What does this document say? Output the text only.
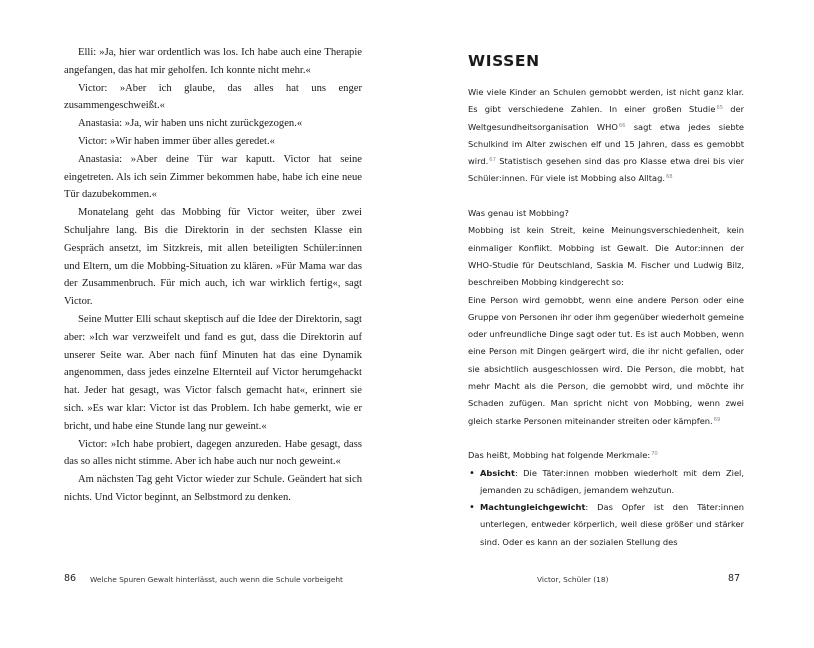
Elli: »Ja, hier war ordentlich was los. Ich habe auch eine Therapie angefangen, das hat mir geholfen. Ich konnte nicht mehr.«

Victor: »Aber ich glaube, das alles hat uns enger zusammengeschweißt.«

Anastasia: »Ja, wir haben uns nicht zurückgezogen.«

Victor: »Wir haben immer über alles geredet.«

Anastasia: »Aber deine Tür war kaputt. Victor hat seine eingetreten. Als ich sein Zimmer bekommen habe, habe ich eine neue Tür dazubekommen.«

Monatelang geht das Mobbing für Victor weiter, über zwei Schuljahre lang. Bis die Direktorin in der sechsten Klasse ein Gespräch ansetzt, im Sitzkreis, mit allen beteiligten Schüler:innen und Eltern, um die Mobbing-Situation zu klären. »Für Mama war das der Zusammenbruch. Für mich auch, ich war wirklich fertig«, sagt Victor.

Seine Mutter Elli schaut skeptisch auf die Idee der Direktorin, sagt aber: »Ich war verzweifelt und fand es gut, dass die Direktorin auf unserer Seite war. Aber nach fünf Minuten hat das eine Dynamik angenommen, dass jedes einzelne Elternteil auf Victor herumgehackt hat. Jeder hat gesagt, was Victor falsch gemacht hat«, erinnert sie sich. »Es war klar: Victor ist das Problem. Ich habe gemerkt, wie er bricht, und habe eine Stunde lang nur geweint.«

Victor: »Ich habe probiert, dagegen anzureden. Habe gesagt, dass das so alles nicht stimme. Aber ich habe auch nur noch geweint.«

Am nächsten Tag geht Victor wieder zur Schule. Geändert hat sich nichts. Und Victor beginnt, an Selbstmord zu denken.

86 Welche Spuren Gewalt hinterlässt, auch wenn die Schule vorbeigeht
WISSEN

Wie viele Kinder an Schulen gemobbt werden, ist nicht ganz klar. Es gibt verschiedene Zahlen. In einer großen Studie$^{65}$ der Weltgesundheitsorganisation WHO$^{66}$ sagt etwa jedes siebte Schulkind im Alter zwischen elf und 15 Jahren, dass es gemobbt wird.$^{67}$ Statistisch gesehen sind das pro Klasse etwa drei bis vier Schüler:innen. Für viele ist Mobbing also Alltag.$^{68}$

Was genau ist Mobbing?

Mobbing ist kein Streit, keine Meinungsverschiedenheit, kein einmaliger Konflikt. Mobbing ist Gewalt. Die Autor:innen der WHO-Studie für Deutschland, Saskia M. Fischer und Ludwig Bilz, beschreiben Mobbing kindgerecht so:

Eine Person wird gemobbt, wenn eine andere Person oder eine Gruppe von Personen ihr oder ihm gegenüber wiederholt gemeine oder unfreundliche Dinge sagt oder tut. Es ist auch Mobben, wenn eine Person mit Dingen geärgert wird, die ihr nicht gefallen, oder sie absichtlich ausgeschlossen wird. Die Person, die mobbt, hat mehr Macht als die Person, die gemobbt wird, und möchte ihr Schaden zufügen. Man spricht nicht von Mobbing, wenn zwei gleich starke Personen miteinander streiten oder kämpfen.$^{69}$

Das heißt, Mobbing hat folgende Merkmale:$^{70}$

• Absicht: Die Täter:innen mobben wiederholt mit dem Ziel, jemanden zu schädigen, jemandem wehzutun.
• Machtungleichgewicht: Das Opfer ist den Täter:innen unterlegen, entweder körperlich, weil diese größer und stärker sind. Oder es kann an der sozialen Stellung des
Victor, Schüler (18)	87
